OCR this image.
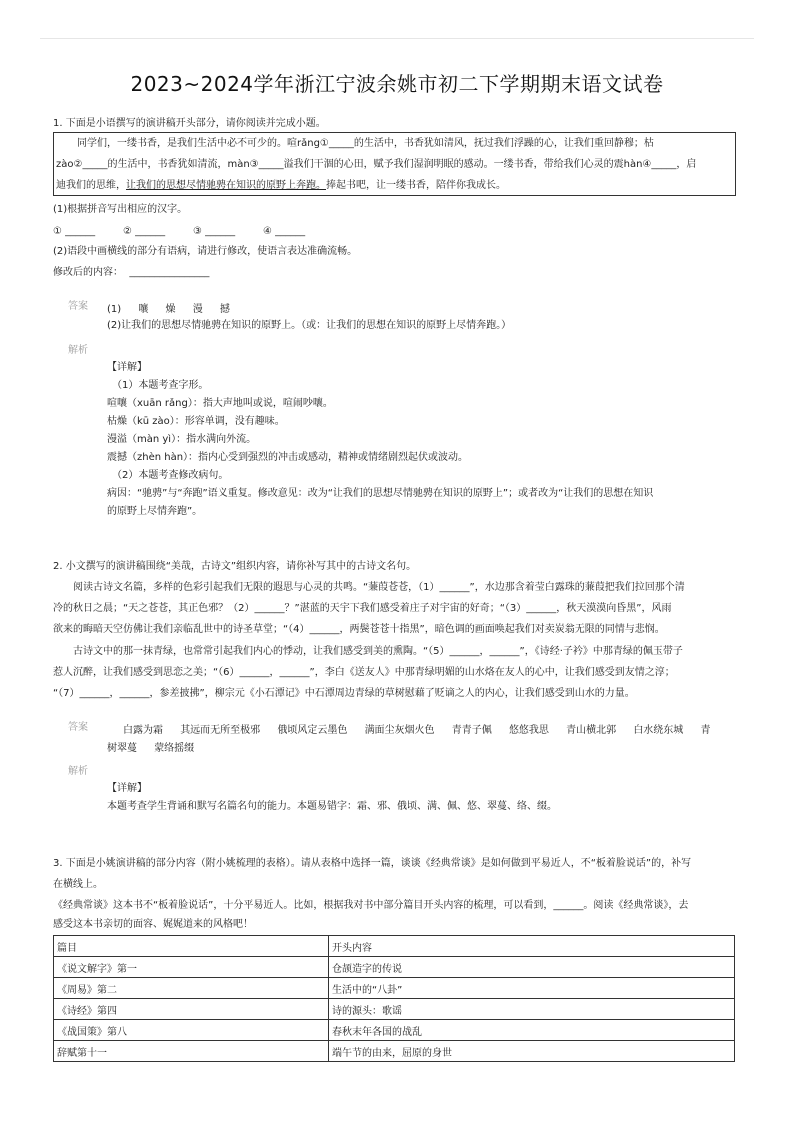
2023~2024学年浙江宁波余姚市初二下学期期末语文试卷
1. 下面是小语撰写的演讲稿开头部分，请你阅读并完成小题。
同学们，一缕书香，是我们生活中必不可少的。喧rǎng①_____的生活中，书香犹如清风，抚过我们浮躁的心，让我们重回静穆；枯
zào②_____的生活中，书香犹如清流，màn③_____溢我们干涸的心田，赋予我们湿润明眠的感动。一缕书香，带给我们心灵的震hàn④_____，启
迪我们的思维，让我们的思想尽情驰骋在知识的原野上奔跑。捧起书吧，让一缕书香，陪伴你我成长。
(1)根据拼音写出相应的汉字。
① ______	② ______	③ ______	④ ______
(2)语段中画横线的部分有语病，请进行修改，使语言表达准确流畅。
修改后的内容： ________________
答案 (1) 嚷 燥 漫 撼
(2)让我们的思想尽情驰骋在知识的原野上。（或：让我们的思想在知识的原野上尽情奔跑。）
解析
【详解】
（1）本题考查字形。
喧嚷（xuān rǎng）：指大声地叫或说，喧闹吵嚷。
枯燥（kū zào）：形容单调，没有趣味。
漫溢（màn yì）：指水满向外流。
震撼（zhèn hàn）：指内心受到强烈的冲击或感动，精神或情绪剧烈起伏或波动。
（2）本题考查修改病句。
病因：“驰骋”与“奔跑”语义重复。修改意见：改为“让我们的思想尽情驰骋在知识的原野上”；或者改为“让我们的思想在知识
的原野上尽情奔跑”。
2. 小文撰写的演讲稿围绕“美哉，古诗文”组织内容，请你补写其中的古诗文名句。
阅读古诗文名篇，多样的色彩引起我们无限的遐思与心灵的共鸣。“蒹葭苍苍，（1）______”，水边那含着莹白露珠的蒹葭把我们拉回那个清
冷的秋日之晨；“天之苍苍，其正色邪？（2）______？”湛蓝的天宇下我们感受着庄子对宇宙的好奇；“（3）______，秋天漠漠向昏黑”，风雨
欲来的晦暗天空仿佛让我们亲临乱世中的诗圣草堂；“（4）______，两鬓苍苍十指黑”，暗色调的画面唤起我们对卖炭翁无限的同情与悲悯。
古诗文中的那一抹青绿，也常常引起我们内心的悸动，让我们感受到美的熏陶。“（5）______，______”，《诗经·子衿》中那青绿的佩玉带子
惹人沉醉，让我们感受到思恋之美；“（6）______，______”，李白《送友人》中那青绿明媚的山水烙在友人的心中，让我们感受到友情之淳；
“（7）______，______，参差披拂”，柳宗元《小石潭记》中石潭周边青绿的草树慰藉了贬谪之人的内心，让我们感受到山水的力量。
答案	白露为霜 其远而无所至极邪 俄顷风定云墨色 满面尘灰烟火色 青青子佩 悠悠我思 青山横北郭 白水绕东城 青
树翠蔓 蒙络摇缀
解析
【详解】
本题考查学生背诵和默写名篇名句的能力。本题易错字：霜、邪、俄顷、满、佩、悠、翠蔓、络、缀。
3. 下面是小姚演讲稿的部分内容（附小姚梳理的表格）。请从表格中选择一篇，谈谈《经典常谈》是如何做到平易近人，不“板着脸说话”的，补写
在横线上。
《经典常谈》这本书不“板着脸说话”，十分平易近人。比如，根据我对书中部分篇目开头内容的梳理，可以看到，______。阅读《经典常谈》，去
感受这本书亲切的面容、娓娓道来的风格吧！
篇目	开头内容
《说文解字》第一	仓颉造字的传说
《周易》第二	生活中的“八卦”
《诗经》第四	诗的源头：歌谣
《战国策》第八	春秋末年各国的战乱
辞赋第十一	端午节的由来，屈原的身世
